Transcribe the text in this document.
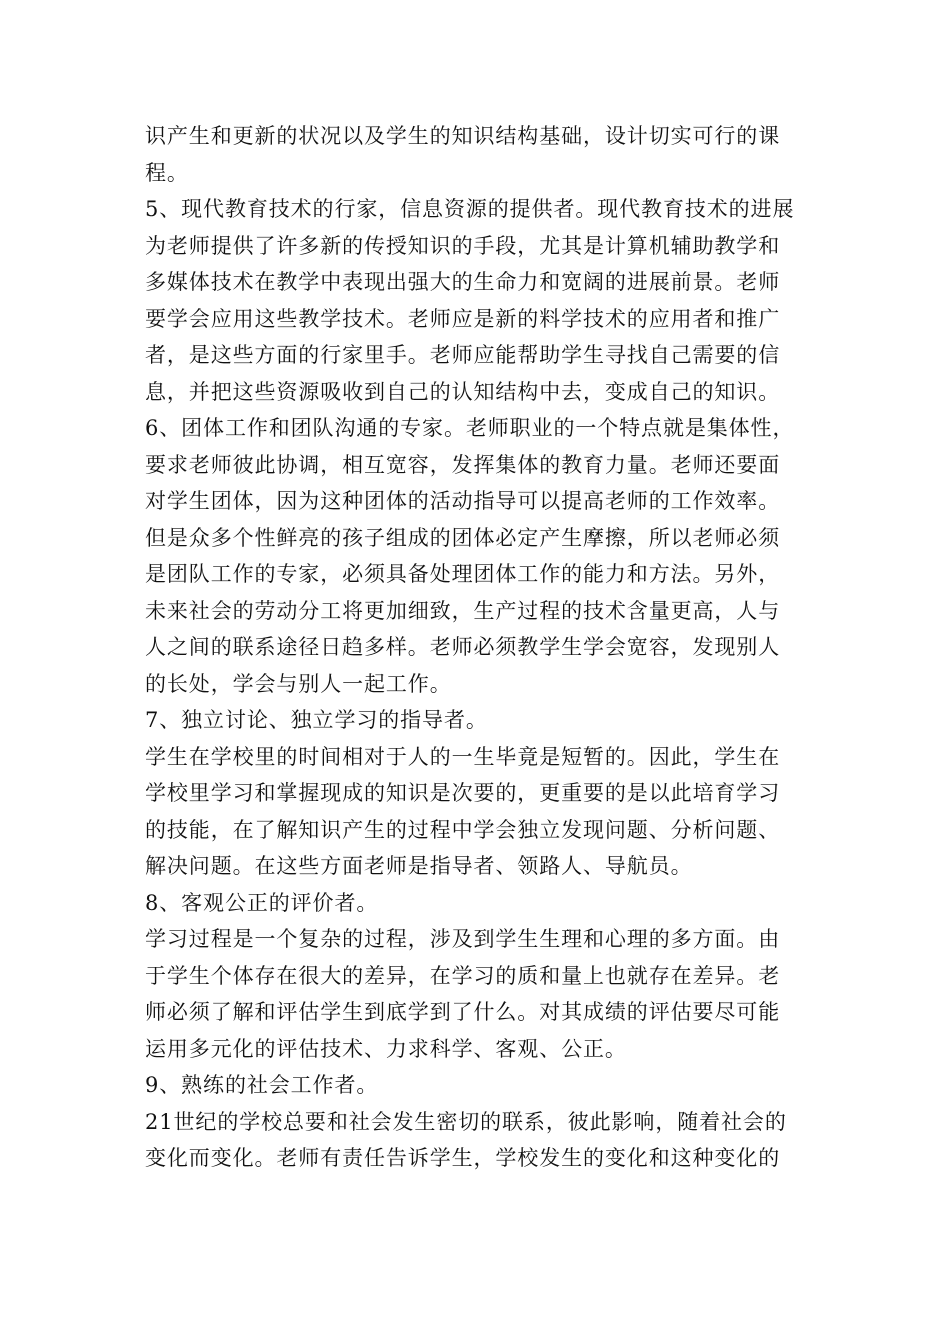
识产生和更新的状况以及学生的知识结构基础，设计切实可行的课
程。
5、现代教育技术的行家，信息资源的提供者。现代教育技术的进展
为老师提供了许多新的传授知识的手段，尤其是计算机辅助教学和
多媒体技术在教学中表现出强大的生命力和宽阔的进展前景。老师
要学会应用这些教学技术。老师应是新的料学技术的应用者和推广
者，是这些方面的行家里手。老师应能帮助学生寻找自己需要的信
息，并把这些资源吸收到自己的认知结构中去，变成自己的知识。
6、团体工作和团队沟通的专家。老师职业的一个特点就是集体性，
要求老师彼此协调，相互宽容，发挥集体的教育力量。老师还要面
对学生团体，因为这种团体的活动指导可以提高老师的工作效率。
但是众多个性鲜亮的孩子组成的团体必定产生摩擦，所以老师必须
是团队工作的专家，必须具备处理团体工作的能力和方法。另外，
未来社会的劳动分工将更加细致，生产过程的技术含量更高，人与
人之间的联系途径日趋多样。老师必须教学生学会宽容，发现别人
的长处，学会与别人一起工作。
7、独立讨论、独立学习的指导者。
学生在学校里的时间相对于人的一生毕竟是短暂的。因此，学生在
学校里学习和掌握现成的知识是次要的，更重要的是以此培育学习
的技能，在了解知识产生的过程中学会独立发现问题、分析问题、
解决问题。在这些方面老师是指导者、领路人、导航员。
8、客观公正的评价者。
学习过程是一个复杂的过程，涉及到学生生理和心理的多方面。由
于学生个体存在很大的差异，在学习的质和量上也就存在差异。老
师必须了解和评估学生到底学到了什么。对其成绩的评估要尽可能
运用多元化的评估技术、力求科学、客观、公正。
9、熟练的社会工作者。
21世纪的学校总要和社会发生密切的联系，彼此影响，随着社会的
变化而变化。老师有责任告诉学生，学校发生的变化和这种变化的
